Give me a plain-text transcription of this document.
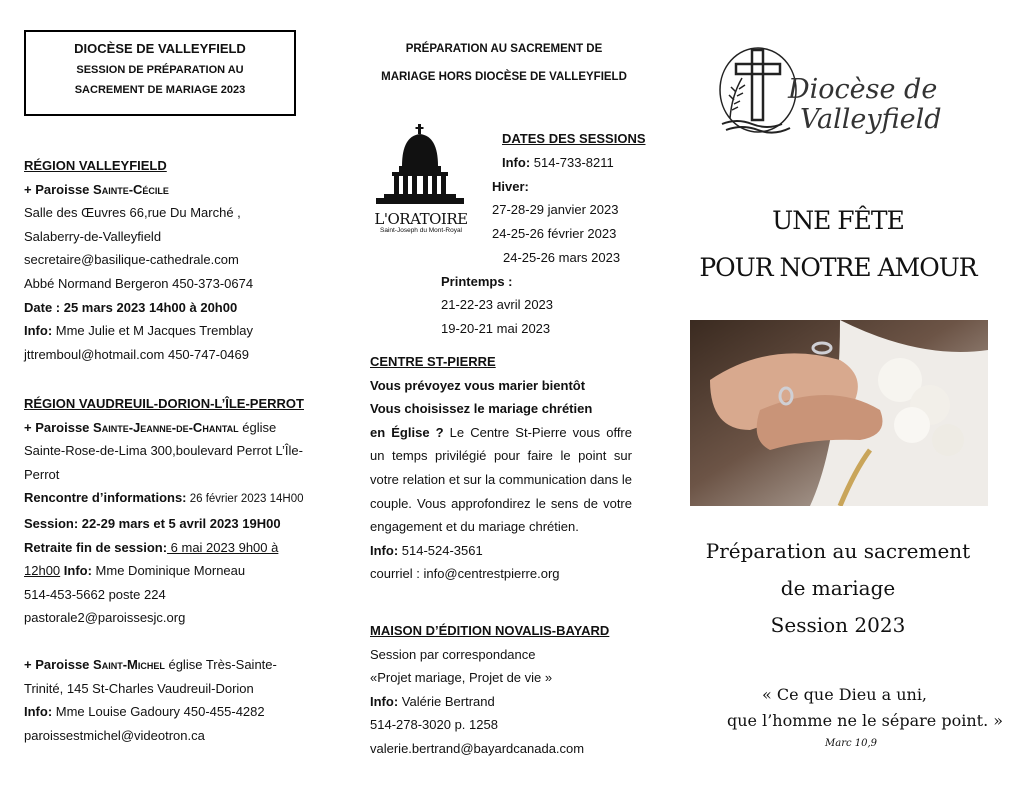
DIOCÈSE DE VALLEYFIELD
SESSION DE PRÉPARATION AU
SACREMENT DE MARIAGE 2023
RÉGION VALLEYFIELD
+ Paroisse Sainte-Cécile
Salle des Œuvres 66,rue Du Marché ,
Salaberry-de-Valleyfield
secretaire@basilique-cathedrale.com
Abbé Normand Bergeron 450-373-0674
Date : 25 mars 2023 14h00 à 20h00
Info: Mme Julie et M Jacques Tremblay
jttremboul@hotmail.com 450-747-0469
RÉGION VAUDREUIL-DORION-L’ÎLE-PERROT
+ Paroisse Sainte-Jeanne-de-Chantal église
Sainte-Rose-de-Lima 300,boulevard Perrot L’Île-
Perrot
Rencontre d’informations: 26 février 2023 14H00
Session: 22-29 mars et 5 avril 2023 19H00
Retraite fin de session: 6 mai 2023 9h00 à
12h00 Info: Mme Dominique Morneau
514-453-5662 poste 224
pastorale2@paroissesjc.org
+ Paroisse Saint-Michel église Très-Sainte-
Trinité, 145 St-Charles Vaudreuil-Dorion
Info: Mme Louise Gadoury 450-455-4282
paroissestmichel@videotron.ca
PRÉPARATION AU SACREMENT DE
MARIAGE HORS DIOCÈSE DE VALLEYFIELD
L'ORATOIRE
Saint-Joseph du Mont-Royal
DATES DES SESSIONS
Info: 514-733-8211
Hiver:
27-28-29 janvier 2023
24-25-26 février 2023
24-25-26 mars 2023
Printemps :
21-22-23 avril 2023
19-20-21 mai 2023
CENTRE ST-PIERRE
Vous prévoyez vous marier bientôt
Vous choisissez le mariage chrétien
en Église ? Le Centre St-Pierre vous offre un temps privilégié pour faire le point sur votre relation et sur la communication dans le couple. Vous approfondirez le sens de votre engagement et du mariage chrétien.
Info: 514-524-3561
courriel : info@centrestpierre.org
MAISON D’ÉDITION NOVALIS-BAYARD
Session par correspondance
«Projet mariage, Projet de vie »
Info: Valérie Bertrand
514-278-3020 p. 1258
valerie.bertrand@bayardcanada.com
Diocèse de
Valleyfield
UNE FÊTE
POUR NOTRE AMOUR
Préparation au sacrement
de mariage
Session 2023
« Ce que Dieu a uni,
que l’homme ne le sépare point. »
Marc 10,9
